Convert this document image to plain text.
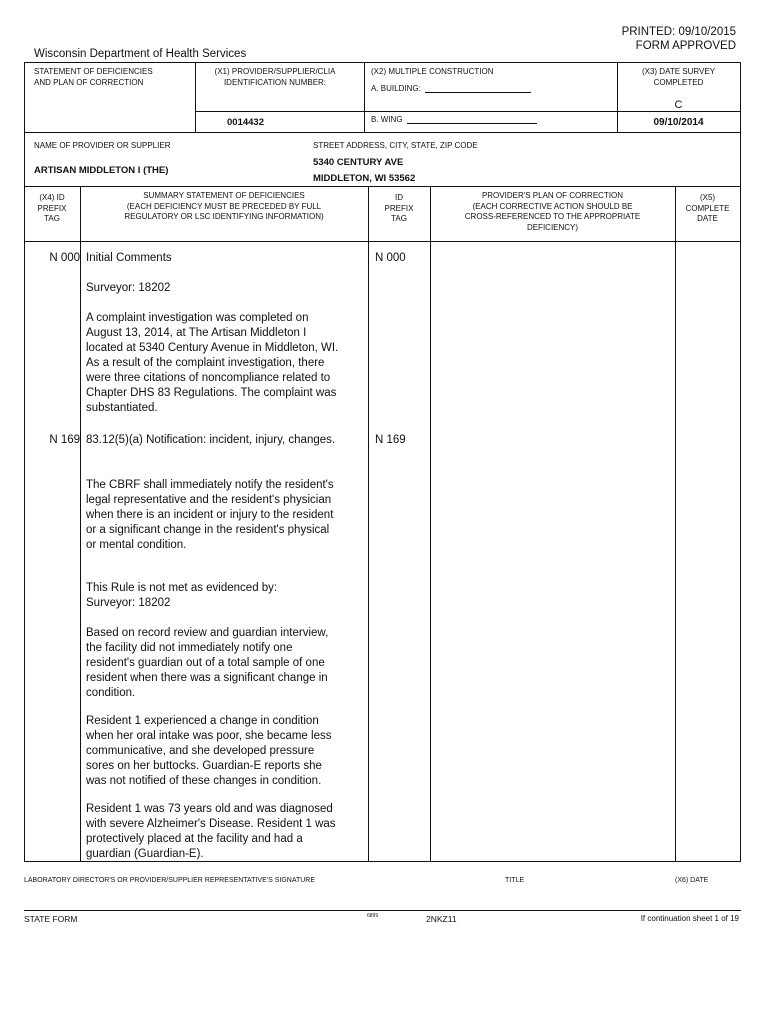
PRINTED: 09/10/2015
FORM APPROVED
Wisconsin Department of Health Services
STATEMENT OF DEFICIENCIES
AND PLAN OF CORRECTION
(X1) PROVIDER/SUPPLIER/CLIA
IDENTIFICATION NUMBER:
0014432
(X2) MULTIPLE CONSTRUCTION
A. BUILDING:
B. WING
(X3) DATE SURVEY
COMPLETED
C
09/10/2014
NAME OF PROVIDER OR SUPPLIER
ARTISAN MIDDLETON I (THE)
STREET ADDRESS, CITY, STATE, ZIP CODE
5340 CENTURY AVE
MIDDLETON, WI 53562
(X4) ID
PREFIX
TAG
SUMMARY STATEMENT OF DEFICIENCIES
(EACH DEFICIENCY MUST BE PRECEDED BY FULL
REGULATORY OR LSC IDENTIFYING INFORMATION)
ID
PREFIX
TAG
PROVIDER'S PLAN OF CORRECTION
(EACH CORRECTIVE ACTION SHOULD BE
CROSS-REFERENCED TO THE APPROPRIATE
DEFICIENCY)
(X5)
COMPLETE
DATE
N 000	N 000
Initial Comments
Surveyor: 18202
A complaint investigation was completed on
August 13, 2014, at The Artisan Middleton I
located at 5340 Century Avenue in Middleton, WI.
As a result of the complaint investigation, there
were three citations of noncompliance related to
Chapter DHS 83 Regulations. The complaint was
substantiated.
N 169	N 169
83.12(5)(a) Notification: incident, injury, changes.
The CBRF shall immediately notify the resident's
legal representative and the resident's physician
when there is an incident or injury to the resident
or a significant change in the resident's physical
or mental condition.
This Rule is not met as evidenced by:
Surveyor: 18202
Based on record review and guardian interview,
the facility did not immediately notify one
resident's guardian out of a total sample of one
resident when there was a significant change in
condition.
Resident 1 experienced a change in condition
when her oral intake was poor, she became less
communicative, and she developed pressure
sores on her buttocks. Guardian-E reports she
was not notified of these changes in condition.
Resident 1 was 73 years old and was diagnosed
with severe Alzheimer's Disease. Resident 1 was
protectively placed at the facility and had a
guardian (Guardian-E).
LABORATORY DIRECTOR'S OR PROVIDER/SUPPLIER REPRESENTATIVE'S SIGNATURE	TITLE	(X6) DATE
STATE FORM	6899	2NKZ11	If continuation sheet 1 of 19
